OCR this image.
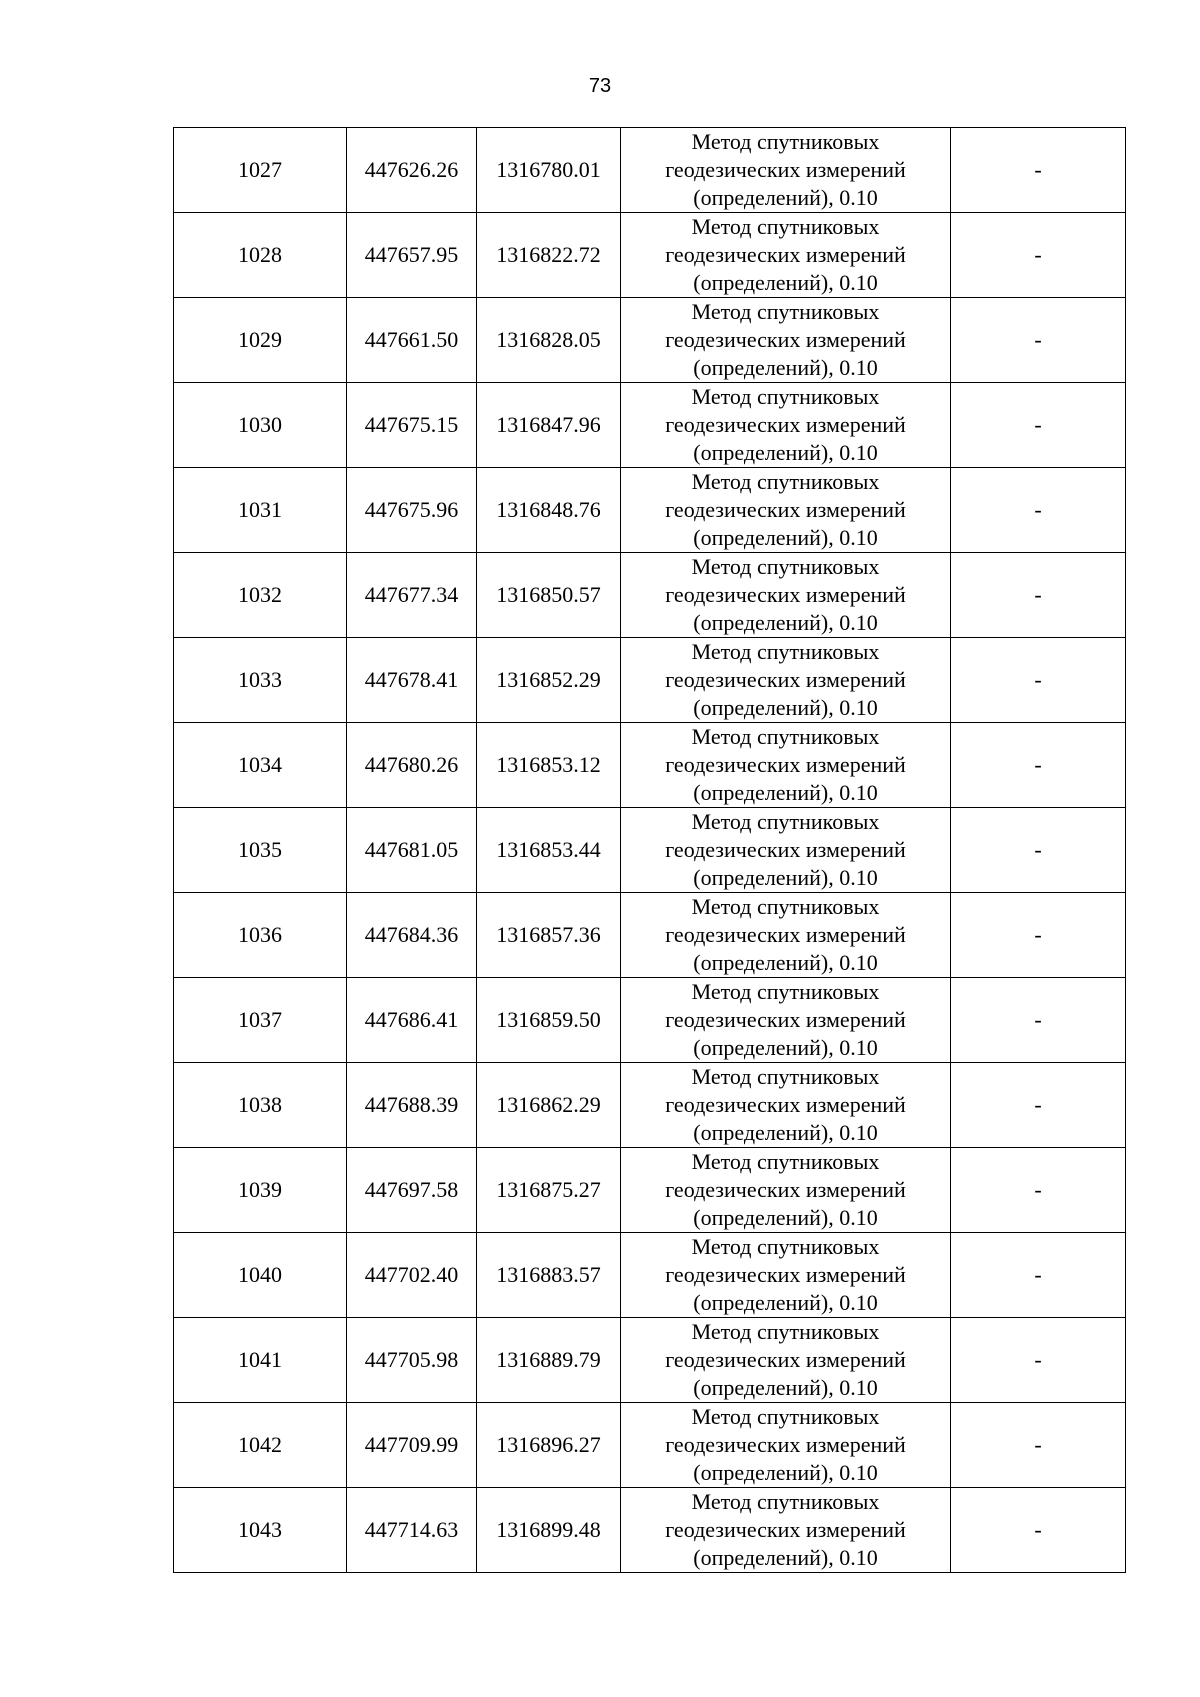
73
1027	447626.26	1316780.01	Метод спутниковых
геодезических измерений
(определений), 0.10	-
1028	447657.95	1316822.72	Метод спутниковых
геодезических измерений
(определений), 0.10	-
1029	447661.50	1316828.05	Метод спутниковых
геодезических измерений
(определений), 0.10	-
1030	447675.15	1316847.96	Метод спутниковых
геодезических измерений
(определений), 0.10	-
1031	447675.96	1316848.76	Метод спутниковых
геодезических измерений
(определений), 0.10	-
1032	447677.34	1316850.57	Метод спутниковых
геодезических измерений
(определений), 0.10	-
1033	447678.41	1316852.29	Метод спутниковых
геодезических измерений
(определений), 0.10	-
1034	447680.26	1316853.12	Метод спутниковых
геодезических измерений
(определений), 0.10	-
1035	447681.05	1316853.44	Метод спутниковых
геодезических измерений
(определений), 0.10	-
1036	447684.36	1316857.36	Метод спутниковых
геодезических измерений
(определений), 0.10	-
1037	447686.41	1316859.50	Метод спутниковых
геодезических измерений
(определений), 0.10	-
1038	447688.39	1316862.29	Метод спутниковых
геодезических измерений
(определений), 0.10	-
1039	447697.58	1316875.27	Метод спутниковых
геодезических измерений
(определений), 0.10	-
1040	447702.40	1316883.57	Метод спутниковых
геодезических измерений
(определений), 0.10	-
1041	447705.98	1316889.79	Метод спутниковых
геодезических измерений
(определений), 0.10	-
1042	447709.99	1316896.27	Метод спутниковых
геодезических измерений
(определений), 0.10	-
1043	447714.63	1316899.48	Метод спутниковых
геодезических измерений
(определений), 0.10	-
